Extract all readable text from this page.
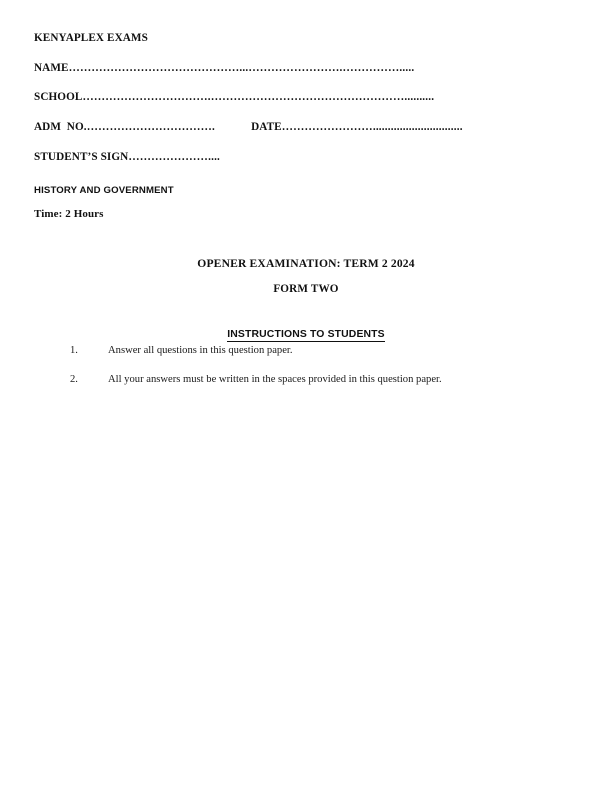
KENYAPLEX EXAMS
NAME………………………………………...…………………….…………….....
SCHOOL…………………………….……………………………………………..........
ADM  NO.…………………………….	DATE……………………..............................
STUDENT’S SIGN…………………....
HISTORY AND GOVERNMENT
Time: 2 Hours
OPENER EXAMINATION: TERM 2 2024
FORM TWO
INSTRUCTIONS TO STUDENTS
1.	Answer all questions in this question paper.
2.	All your answers must be written in the spaces provided in this question paper.
